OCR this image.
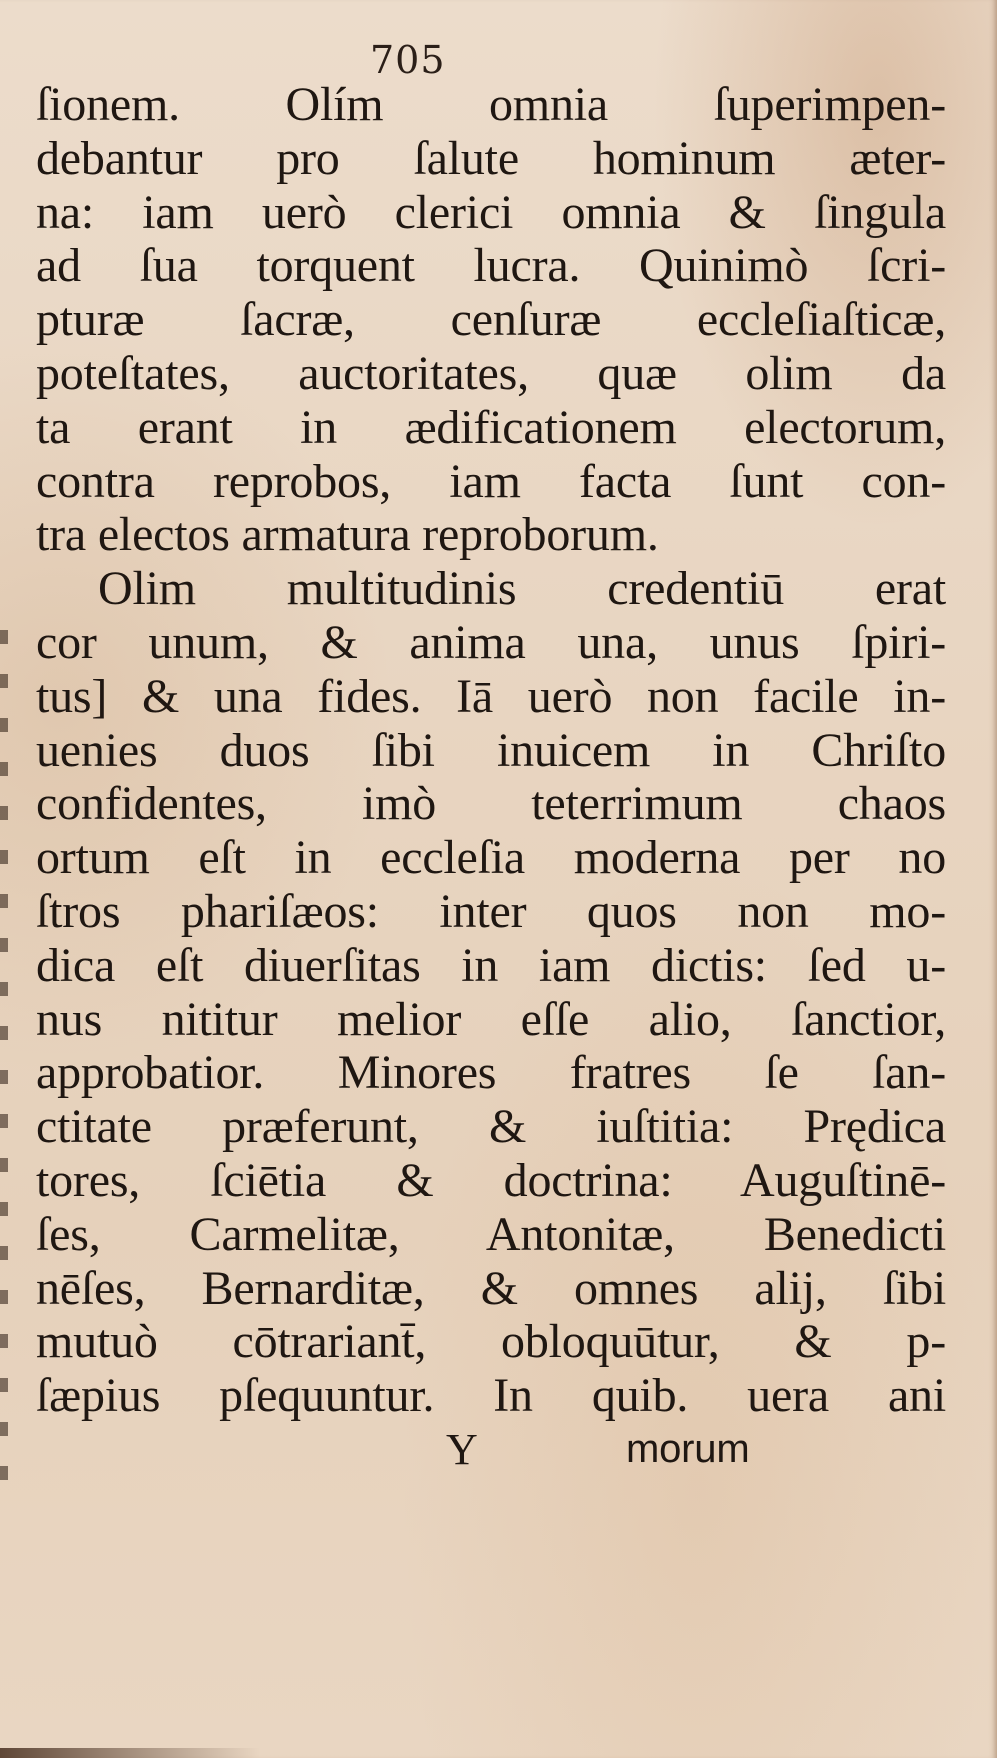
705
ſionem. Olím omnia ſuperimpen-
debantur pro ſalute hominum æter-
na: iam uerò clerici omnia & ſingula
ad ſua torquent lucra. Quinimò ſcri-
pturæ ſacræ, cenſuræ eccleſiaſticæ,
poteſtates, auctoritates, quæ olim da
ta erant in ædificationem electorum,
contra reprobos, iam facta ſunt con-
tra electos armatura reproborum.
Olim multitudinis credentiū erat
cor unum, & anima una, unus ſpiri-
tus] & una fides. Iā uerò non facile in-
uenies duos ſibi inuicem in Chriſto
confidentes, imò teterrimum chaos
ortum eſt in eccleſia moderna per no
ſtros phariſæos: inter quos non mo-
dica eſt diuerſitas in iam dictis: ſed u-
nus nititur melior eſſe alio, ſanctior,
approbatior. Minores fratres ſe ſan-
ctitate præferunt, & iuſtitia: Prędica
tores, ſciētia & doctrina: Auguſtinē-
ſes, Carmelitæ, Antonitæ, Benedicti
nēſes, Bernarditæ, & omnes alij, ſibi
mutuò cōtrariant̄, obloquūtur, & p-
ſæpius pſequuntur. In quib. uera ani
Y	morum
